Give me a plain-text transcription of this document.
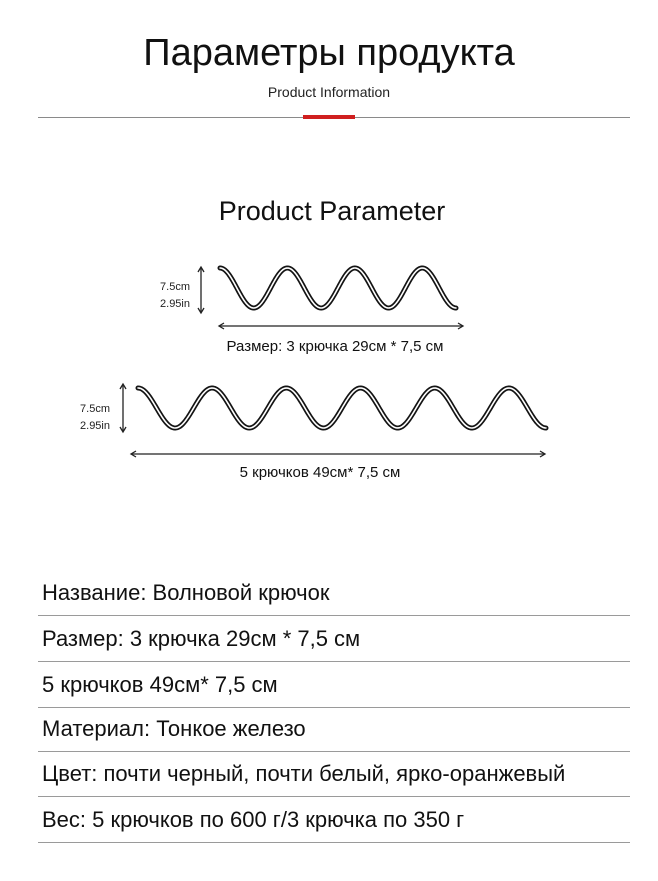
Параметры продукта
Product Information
Product Parameter
7.5cm
2.95in
Размер: 3 крючка 29см * 7,5 см
7.5cm
2.95in
5 крючков 49см* 7,5 см
Название: Волновой крючок
Размер: 3 крючка 29см * 7,5 см
5 крючков 49см* 7,5 см
Материал: Тонкое железо
Цвет: почти черный, почти белый, ярко-оранжевый
Вес: 5 крючков по 600 г/3 крючка по 350 г
